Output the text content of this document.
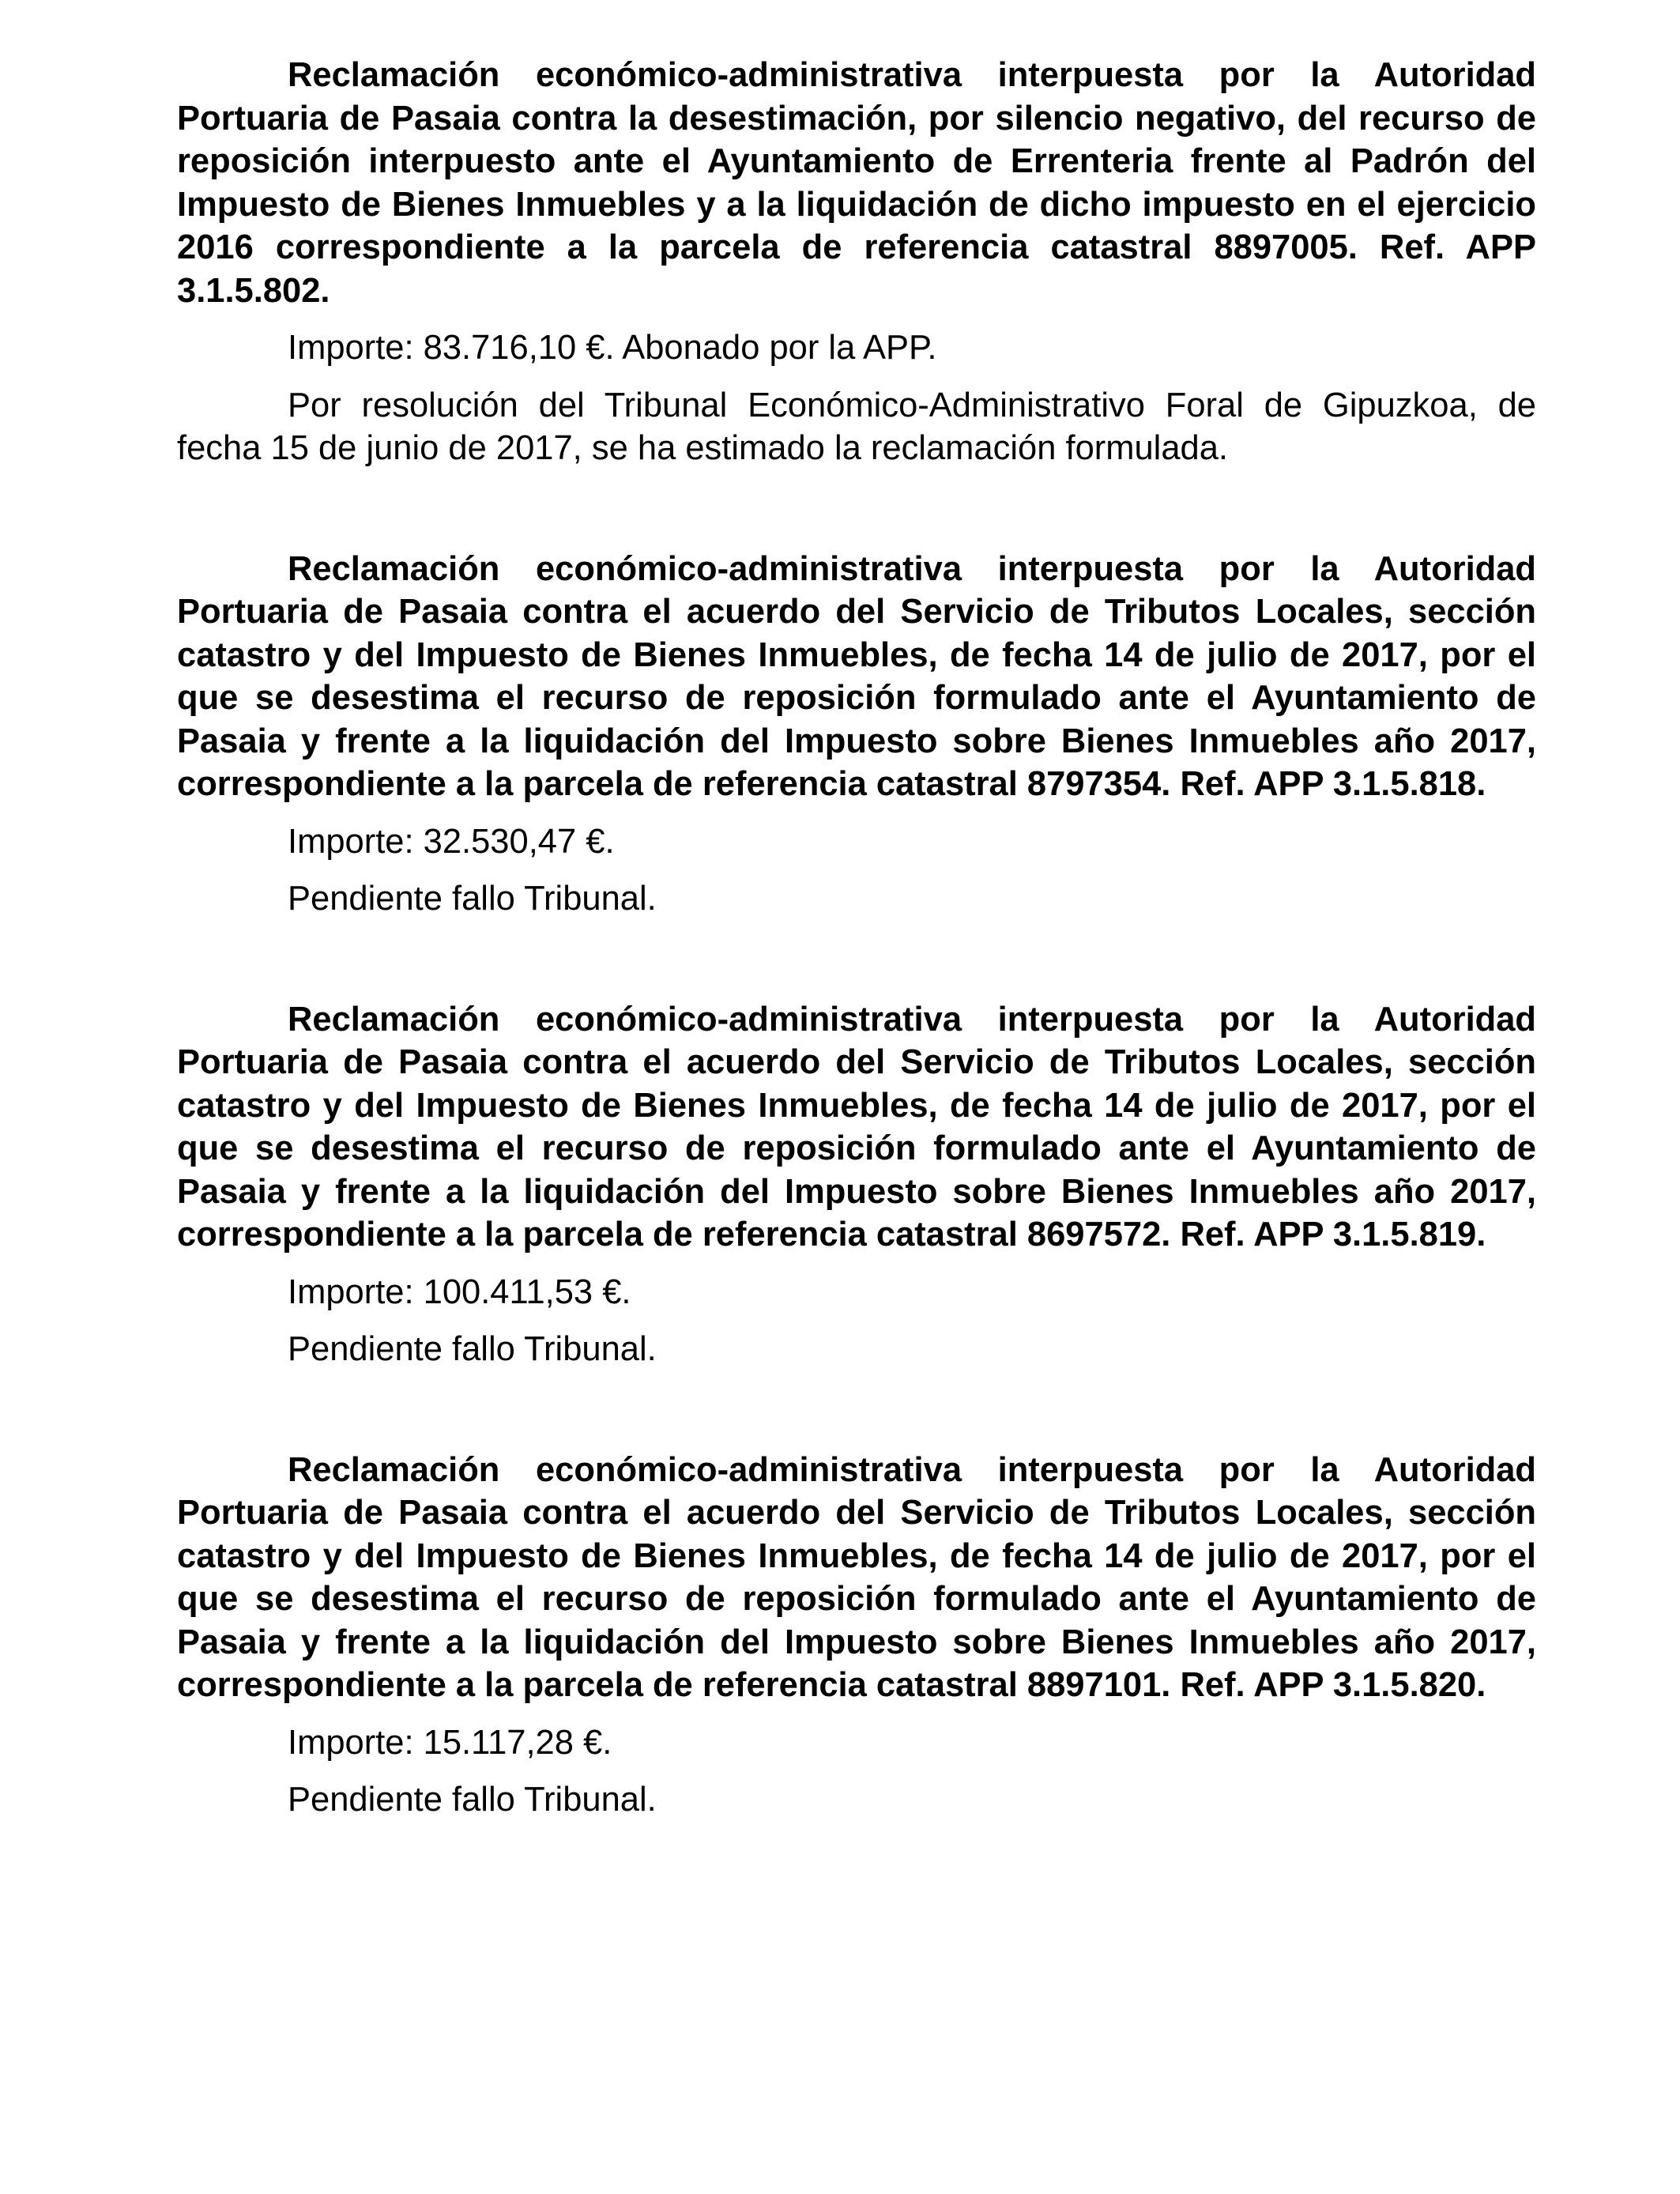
Reclamación económico-administrativa interpuesta por la Autoridad Portuaria de Pasaia contra la desestimación, por silencio negativo, del recurso de reposición interpuesto ante el Ayuntamiento de Errenteria frente al Padrón del Impuesto de Bienes Inmuebles y a la liquidación de dicho impuesto en el ejercicio 2016 correspondiente a la parcela de referencia catastral 8897005. Ref. APP 3.1.5.802.

Importe: 83.716,10 €. Abonado por la APP.

Por resolución del Tribunal Económico-Administrativo Foral de Gipuzkoa, de fecha 15 de junio de 2017, se ha estimado la reclamación formulada.

Reclamación económico-administrativa interpuesta por la Autoridad Portuaria de Pasaia contra el acuerdo del Servicio de Tributos Locales, sección catastro y del Impuesto de Bienes Inmuebles, de fecha 14 de julio de 2017, por el que se desestima el recurso de reposición formulado ante el Ayuntamiento de Pasaia y frente a la liquidación del Impuesto sobre Bienes Inmuebles año 2017, correspondiente a la parcela de referencia catastral 8797354. Ref. APP 3.1.5.818.

Importe: 32.530,47 €.

Pendiente fallo Tribunal.

Reclamación económico-administrativa interpuesta por la Autoridad Portuaria de Pasaia contra el acuerdo del Servicio de Tributos Locales, sección catastro y del Impuesto de Bienes Inmuebles, de fecha 14 de julio de 2017, por el que se desestima el recurso de reposición formulado ante el Ayuntamiento de Pasaia y frente a la liquidación del Impuesto sobre Bienes Inmuebles año 2017, correspondiente a la parcela de referencia catastral 8697572. Ref. APP 3.1.5.819.

Importe: 100.411,53 €.

Pendiente fallo Tribunal.

Reclamación económico-administrativa interpuesta por la Autoridad Portuaria de Pasaia contra el acuerdo del Servicio de Tributos Locales, sección catastro y del Impuesto de Bienes Inmuebles, de fecha 14 de julio de 2017, por el que se desestima el recurso de reposición formulado ante el Ayuntamiento de Pasaia y frente a la liquidación del Impuesto sobre Bienes Inmuebles año 2017, correspondiente a la parcela de referencia catastral 8897101. Ref. APP 3.1.5.820.

Importe: 15.117,28 €.

Pendiente fallo Tribunal.
